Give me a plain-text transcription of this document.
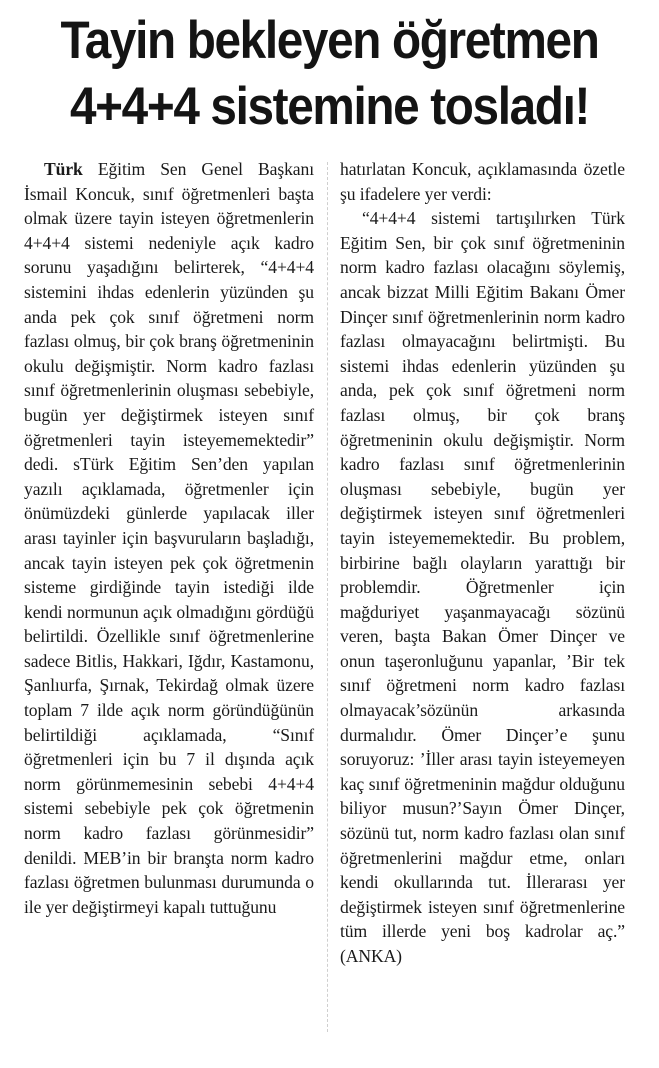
Tayin bekleyen öğretmen
4+4+4 sistemine tosladı!

Türk Eğitim Sen Genel Başkanı İsmail Koncuk, sınıf öğretmenleri başta olmak üzere tayin isteyen öğretmenlerin 4+4+4 sistemi nedeniyle açık kadro sorunu yaşadığını belirterek, “4+4+4 sistemini ihdas edenlerin yüzünden şu anda pek çok sınıf öğretmeni norm fazlası olmuş, bir çok branş öğretmeninin okulu değişmiştir. Norm kadro fazlası sınıf öğretmenlerinin oluşması sebebiyle, bugün yer değiştirmek isteyen sınıf öğretmenleri tayin isteyememektedir” dedi. sTürk Eğitim Sen’den yapılan yazılı açıklamada, öğretmenler için önümüzdeki günlerde yapılacak iller arası tayinler için başvuruların başladığı, ancak tayin isteyen pek çok öğretmenin sisteme girdiğinde tayin istediği ilde kendi normunun açık olmadığını gördüğü belirtildi. Özellikle sınıf öğretmenlerine sadece Bitlis, Hakkari, Iğdır, Kastamonu, Şanlıurfa, Şırnak, Tekirdağ olmak üzere toplam 7 ilde açık norm göründüğünün belirtildiği açıklamada, “Sınıf öğretmenleri için bu 7 il dışında açık norm görünmemesinin sebebi 4+4+4 sistemi sebebiyle pek çok öğretmenin norm kadro fazlası görünmesidir” denildi. MEB’in bir branşta norm kadro fazlası öğretmen bulunması durumunda o ile yer değiştirmeyi kapalı tuttuğunu

hatırlatan Koncuk, açıklamasında özetle şu ifadelere yer verdi:

“4+4+4 sistemi tartışılırken Türk Eğitim Sen, bir çok sınıf öğretmeninin norm kadro fazlası olacağını söylemiş, ancak bizzat Milli Eğitim Bakanı Ömer Dinçer sınıf öğretmenlerinin norm kadro fazlası olmayacağını belirtmişti. Bu sistemi ihdas edenlerin yüzünden şu anda, pek çok sınıf öğretmeni norm fazlası olmuş, bir çok branş öğretmeninin okulu değişmiştir. Norm kadro fazlası sınıf öğretmenlerinin oluşması sebebiyle, bugün yer değiştirmek isteyen sınıf öğretmenleri tayin isteyememektedir. Bu problem, birbirine bağlı olayların yarattığı bir problemdir. Öğretmenler için mağduriyet yaşanmayacağı sözünü veren, başta Bakan Ömer Dinçer ve onun taşeronluğunu yapanlar, ’Bir tek sınıf öğretmeni norm kadro fazlası olmayacak’sözünün arkasında durmalıdır. Ömer Dinçer’e şunu soruyoruz: ’İller arası tayin isteyemeyen kaç sınıf öğretmeninin mağdur olduğunu biliyor musun?’Sayın Ömer Dinçer, sözünü tut, norm kadro fazlası olan sınıf öğretmenlerini mağdur etme, onları kendi okullarında tut. İllerarası yer değiştirmek isteyen sınıf öğretmenlerine tüm illerde yeni boş kadrolar aç.” (ANKA)
